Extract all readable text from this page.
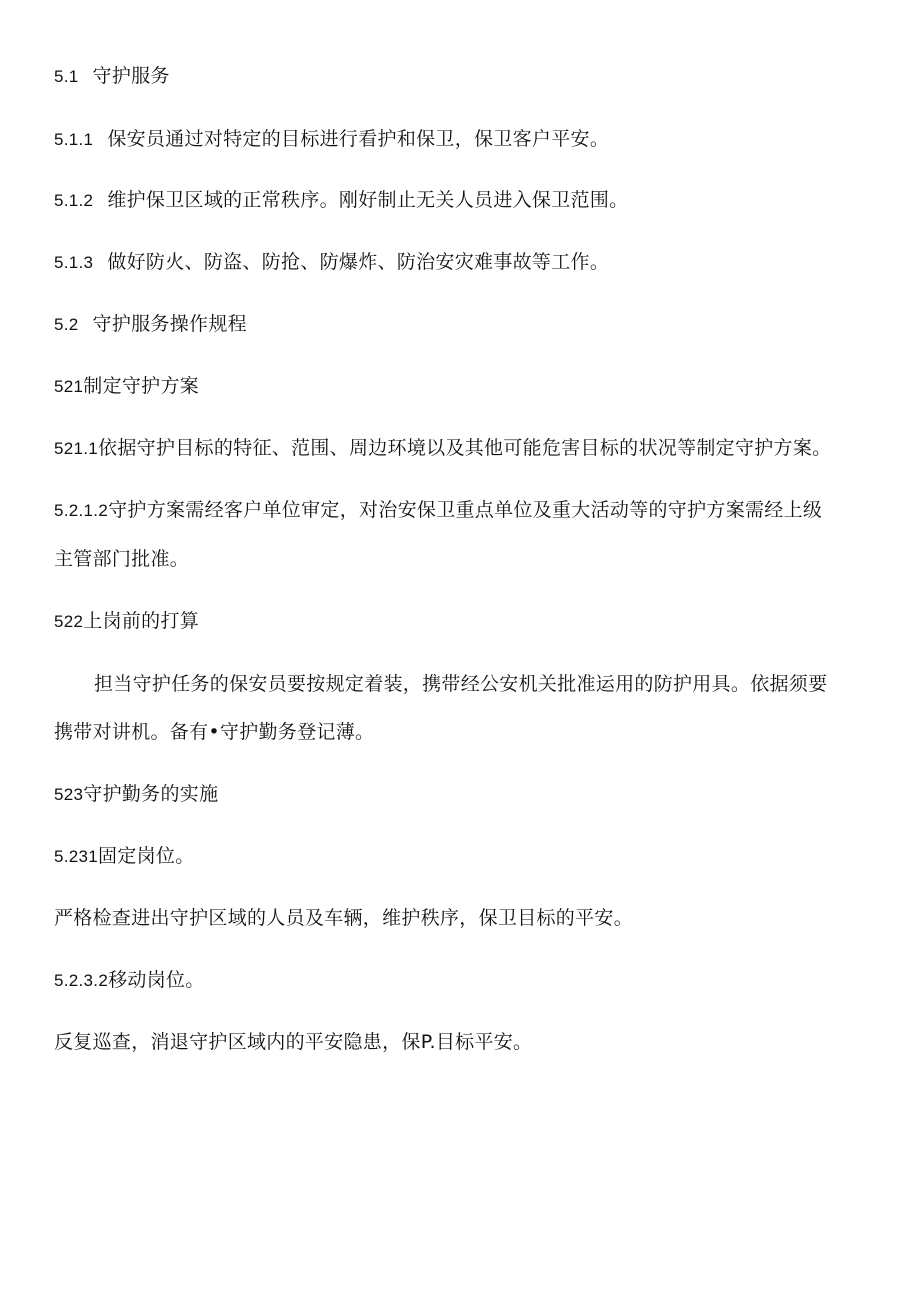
5.1 守护服务
5.1.1 保安员通过对特定的目标进行看护和保卫，保卫客户平安。
5.1.2 维护保卫区域的正常秩序。刚好制止无关人员进入保卫范围。
5.1.3 做好防火、防盗、防抢、防爆炸、防治安灾难事故等工作。
5.2 守护服务操作规程
521制定守护方案
521.1依据守护目标的特征、范围、周边环境以及其他可能危害目标的状况等制定守护方案。
5.2.1.2守护方案需经客户单位审定，对治安保卫重点单位及重大活动等的守护方案需经上级
主管部门批准。
522上岗前的打算
担当守护任务的保安员要按规定着装，携带经公安机关批准运用的防护用具。依据须要
携带对讲机。备有•守护勤务登记薄。
523守护勤务的实施
5.231固定岗位。
严格检查进出守护区域的人员及车辆，维护秩序，保卫目标的平安。
5.2.3.2移动岗位。
反复巡查，消退守护区域内的平安隐患，保P.目标平安。
